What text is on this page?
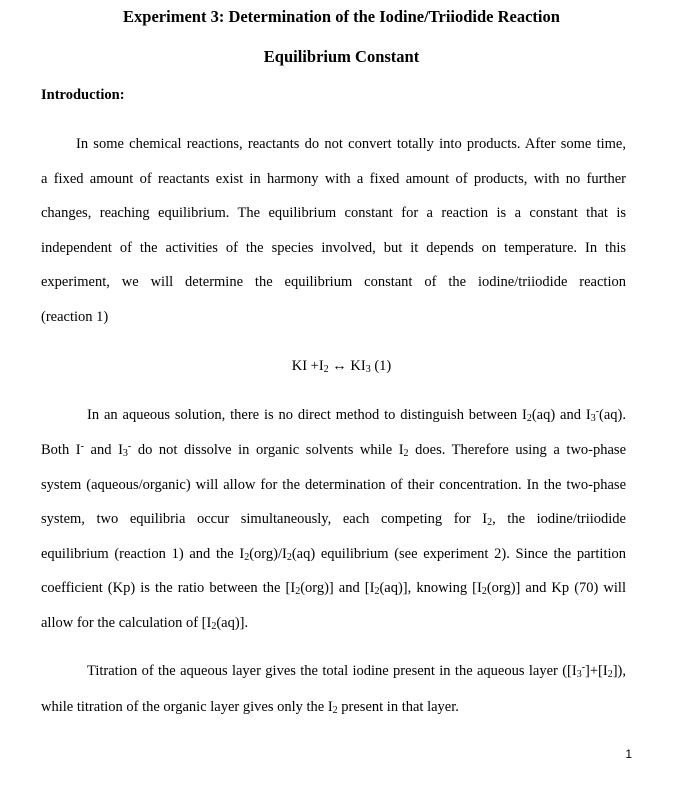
Experiment 3: Determination of the Iodine/Triiodide Reaction
Equilibrium Constant
Introduction:
In some chemical reactions, reactants do not convert totally into products. After some time,
a fixed amount of reactants exist in harmony with a fixed amount of products, with no further
changes, reaching equilibrium. The equilibrium constant for a reaction is a constant that is
independent of the activities of the species involved, but it depends on temperature. In this
experiment, we will determine the equilibrium constant of the iodine/triiodide reaction
(reaction 1)
KI $+I_2$ ↔ $KI_3$ (1)
In an aqueous solution, there is no direct method to distinguish between $I_2(aq)$ and $I_3^-(aq)$.
Both I- and $I_3^-$ do not dissolve in organic solvents while $I_2$ does. Therefore using a two-phase
system (aqueous/organic) will allow for the determination of their concentration. In the two-phase
system, two equilibria occur simultaneously, each competing for $I_2$, the iodine/triiodide
equilibrium (reaction 1) and the $I_2(org)/I_2(aq)$ equilibrium (see experiment 2). Since the partition
coefficient (Kp) is the ratio between the $[I_2(org)]$ and $[I_2(aq)]$, knowing $[I_2(org)]$ and Kp (70) will
allow for the calculation of $[I_2(aq)]$.
Titration of the aqueous layer gives the total iodine present in the aqueous layer $([I_3^-]+[I_2])$,
while titration of the organic layer gives only the $I_2$ present in that layer.
1
